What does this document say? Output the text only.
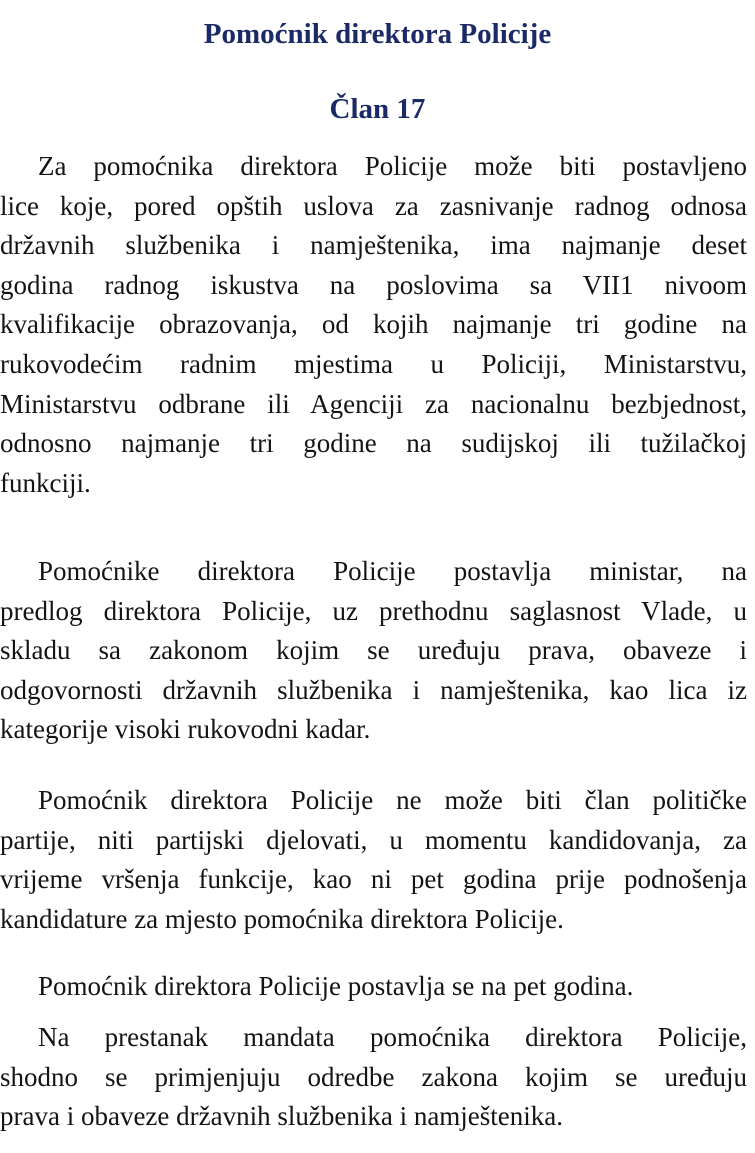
Pomoćnik direktora Policije
Član 17

Za pomoćnika direktora Policije može biti postavljeno
lice koje, pored opštih uslova za zasnivanje radnog odnosa
državnih službenika i namještenika, ima najmanje deset
godina radnog iskustva na poslovima sa VII1 nivoom
kvalifikacije obrazovanja, od kojih najmanje tri godine na
rukovodećim radnim mjestima u Policiji, Ministarstvu,
Ministarstvu odbrane ili Agenciji za nacionalnu bezbjednost,
odnosno najmanje tri godine na sudijskoj ili tužilačkoj
funkciji.

Pomoćnike direktora Policije postavlja ministar, na
predlog direktora Policije, uz prethodnu saglasnost Vlade, u
skladu sa zakonom kojim se uređuju prava, obaveze i
odgovornosti državnih službenika i namještenika, kao lica iz
kategorije visoki rukovodni kadar.

Pomoćnik direktora Policije ne može biti član političke
partije, niti partijski djelovati, u momentu kandidovanja, za
vrijeme vršenja funkcije, kao ni pet godina prije podnošenja
kandidature za mjesto pomoćnika direktora Policije.

Pomoćnik direktora Policije postavlja se na pet godina.

Na prestanak mandata pomoćnika direktora Policije,
shodno se primjenjuju odredbe zakona kojim se uređuju
prava i obaveze državnih službenika i namještenika.
